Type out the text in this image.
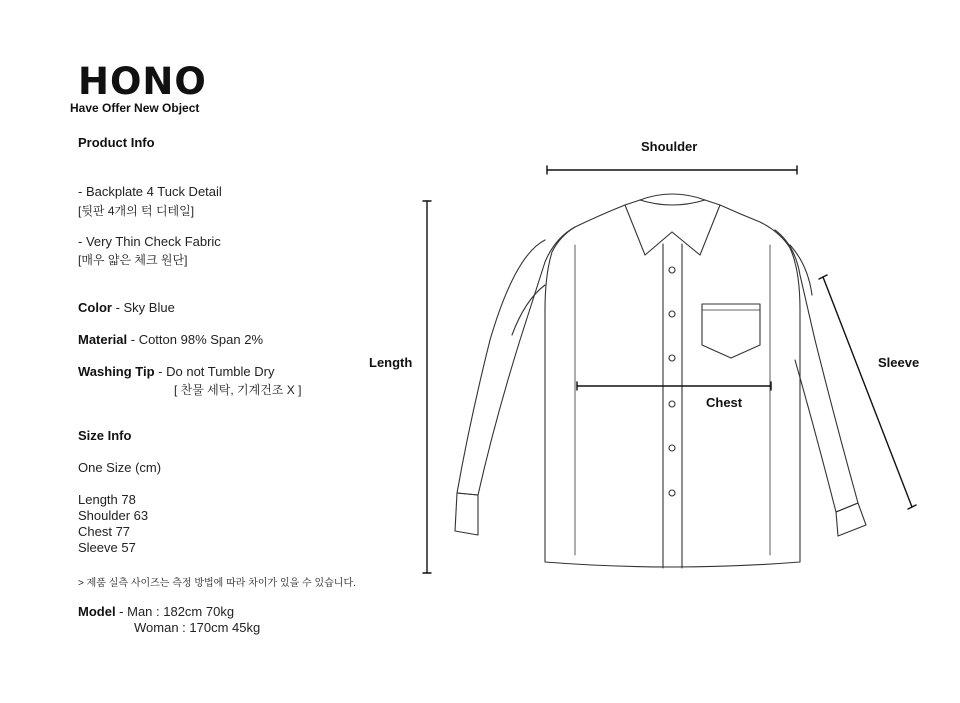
HONO
Have Offer New Object
Product Info
- Backplate 4 Tuck Detail
[뒷판 4개의 턱 디테일]
- Very Thin Check Fabric
[매우 얇은 체크 원단]
Color - Sky Blue
Material - Cotton 98% Span 2%
Washing Tip - Do not Tumble Dry
[ 찬물 세탁, 기계건조 X ]
Size Info
One Size (cm)
Length 78
Shoulder 63
Chest 77
Sleeve 57
> 제품 실측 사이즈는 측정 방법에 따라 차이가 있을 수 있습니다.
Model - Man : 182cm 70kg
Woman : 170cm 45kg
Shoulder
Length
Chest
Sleeve
